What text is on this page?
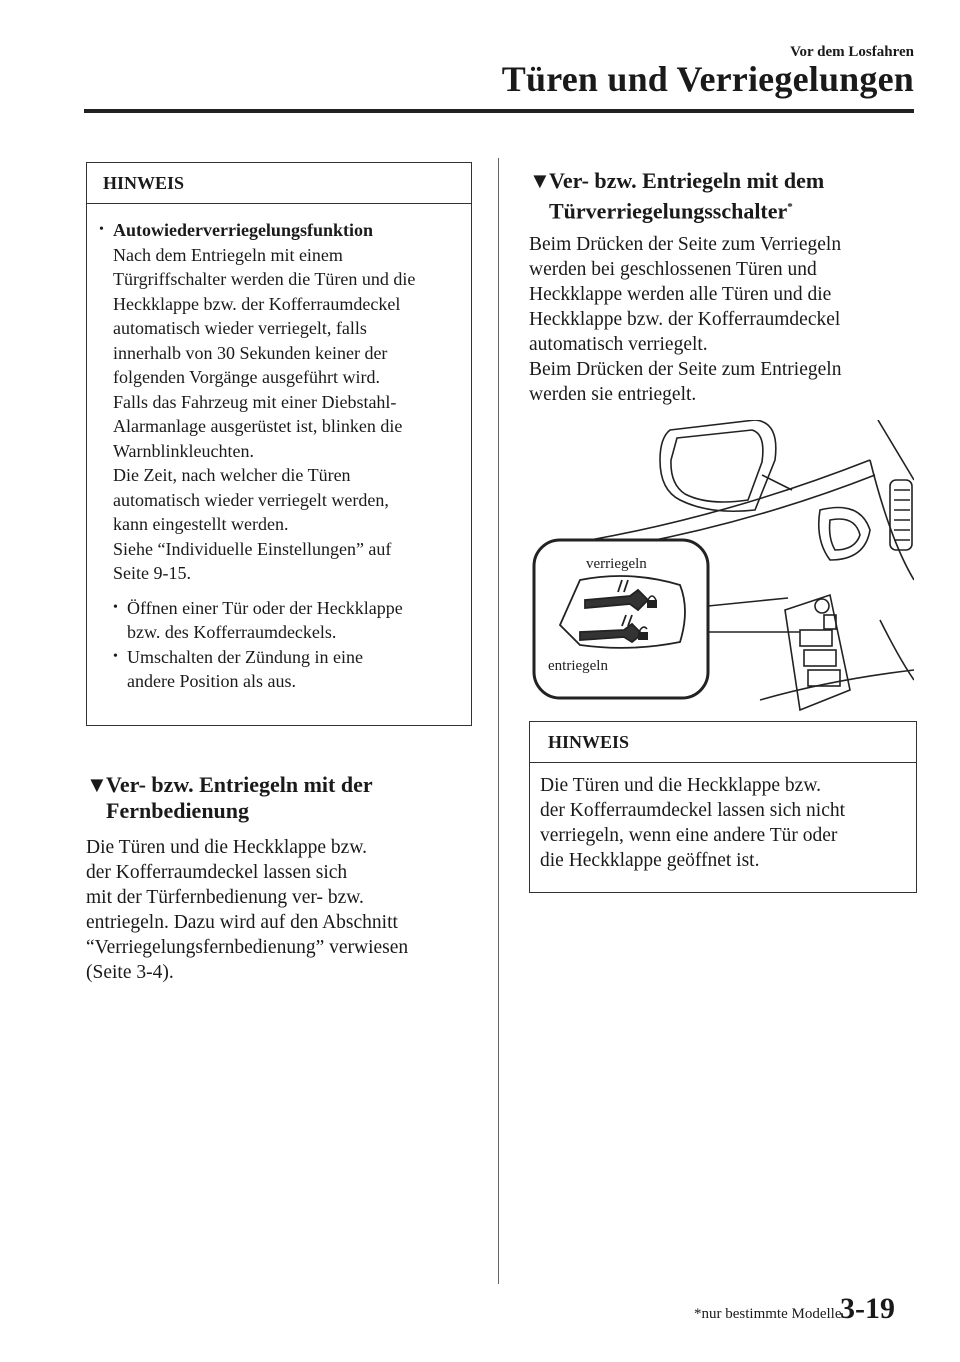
Vor dem Losfahren
Türen und Verriegelungen
HINWEIS
• Autowiederverriegelungsfunktion
Nach dem Entriegeln mit einem
Türgriffschalter werden die Türen und die
Heckklappe bzw. der Kofferraumdeckel
automatisch wieder verriegelt, falls
innerhalb von 30 Sekunden keiner der
folgenden Vorgänge ausgeführt wird.
Falls das Fahrzeug mit einer Diebstahl-
Alarmanlage ausgerüstet ist, blinken die
Warnblinkleuchten.
Die Zeit, nach welcher die Türen
automatisch wieder verriegelt werden,
kann eingestellt werden.
Siehe “Individuelle Einstellungen” auf
Seite 9-15.
• Öffnen einer Tür oder der Heckklappe
bzw. des Kofferraumdeckels.
• Umschalten der Zündung in eine
andere Position als aus.
▼Ver- bzw. Entriegeln mit der
Fernbedienung
Die Türen und die Heckklappe bzw.
der Kofferraumdeckel lassen sich
mit der Türfernbedienung ver- bzw.
entriegeln. Dazu wird auf den Abschnitt
“Verriegelungsfernbedienung” verwiesen
(Seite 3-4).
▼Ver- bzw. Entriegeln mit dem
Türverriegelungsschalter*
Beim Drücken der Seite zum Verriegeln
werden bei geschlossenen Türen und
Heckklappe werden alle Türen und die
Heckklappe bzw. der Kofferraumdeckel
automatisch verriegelt.
Beim Drücken der Seite zum Entriegeln
werden sie entriegelt.
verriegeln
entriegeln
HINWEIS
Die Türen und die Heckklappe bzw.
der Kofferraumdeckel lassen sich nicht
verriegeln, wenn eine andere Tür oder
die Heckklappe geöffnet ist.
*nur bestimmte Modelle
3-19
